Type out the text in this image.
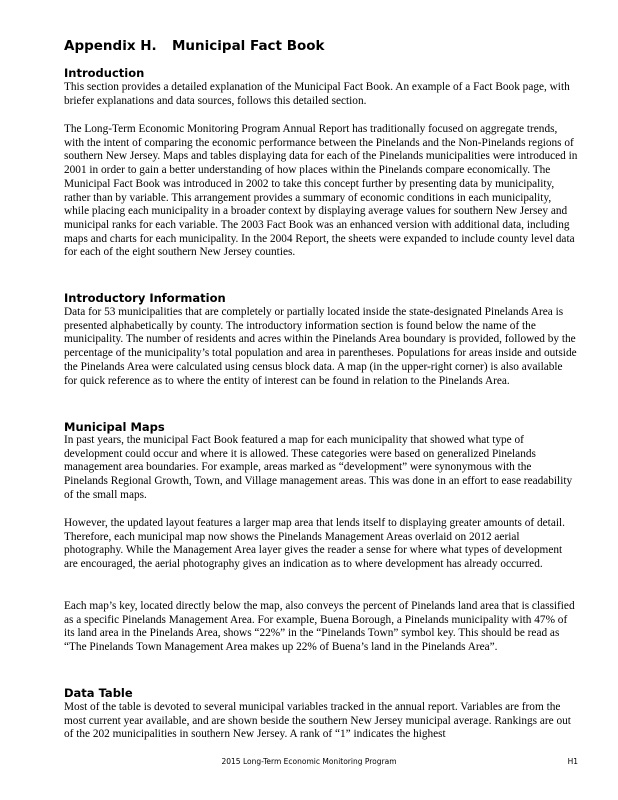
Appendix H. Municipal Fact Book
Introduction

This section provides a detailed explanation of the Municipal Fact Book. An example of a Fact Book page, with briefer explanations and data sources, follows this detailed section.

The Long-Term Economic Monitoring Program Annual Report has traditionally focused on aggregate trends, with the intent of comparing the economic performance between the Pinelands and the Non-Pinelands regions of southern New Jersey. Maps and tables displaying data for each of the Pinelands municipalities were introduced in 2001 in order to gain a better understanding of how places within the Pinelands compare economically. The Municipal Fact Book was introduced in 2002 to take this concept further by presenting data by municipality, rather than by variable. This arrangement provides a summary of economic conditions in each municipality, while placing each municipality in a broader context by displaying average values for southern New Jersey and municipal ranks for each variable. The 2003 Fact Book was an enhanced version with additional data, including maps and charts for each municipality. In the 2004 Report, the sheets were expanded to include county level data for each of the eight southern New Jersey counties.

Introductory Information

Data for 53 municipalities that are completely or partially located inside the state-designated Pinelands Area is presented alphabetically by county. The introductory information section is found below the name of the municipality. The number of residents and acres within the Pinelands Area boundary is provided, followed by the percentage of the municipality’s total population and area in parentheses. Populations for areas inside and outside the Pinelands Area were calculated using census block data. A map (in the upper-right corner) is also available for quick reference as to where the entity of interest can be found in relation to the Pinelands Area.

Municipal Maps

In past years, the municipal Fact Book featured a map for each municipality that showed what type of development could occur and where it is allowed. These categories were based on generalized Pinelands management area boundaries. For example, areas marked as “development” were synonymous with the Pinelands Regional Growth, Town, and Village management areas. This was done in an effort to ease readability of the small maps.

However, the updated layout features a larger map area that lends itself to displaying greater amounts of detail. Therefore, each municipal map now shows the Pinelands Management Areas overlaid on 2012 aerial photography. While the Management Area layer gives the reader a sense for where what types of development are encouraged, the aerial photography gives an indication as to where development has already occurred.

Each map’s key, located directly below the map, also conveys the percent of Pinelands land area that is classified as a specific Pinelands Management Area. For example, Buena Borough, a Pinelands municipality with 47% of its land area in the Pinelands Area, shows “22%” in the “Pinelands Town” symbol key. This should be read as “The Pinelands Town Management Area makes up 22% of Buena’s land in the Pinelands Area”.

Data Table

Most of the table is devoted to several municipal variables tracked in the annual report. Variables are from the most current year available, and are shown beside the southern New Jersey municipal average. Rankings are out of the 202 municipalities in southern New Jersey. A rank of “1” indicates the highest

2015 Long-Term Economic Monitoring Program	H1
